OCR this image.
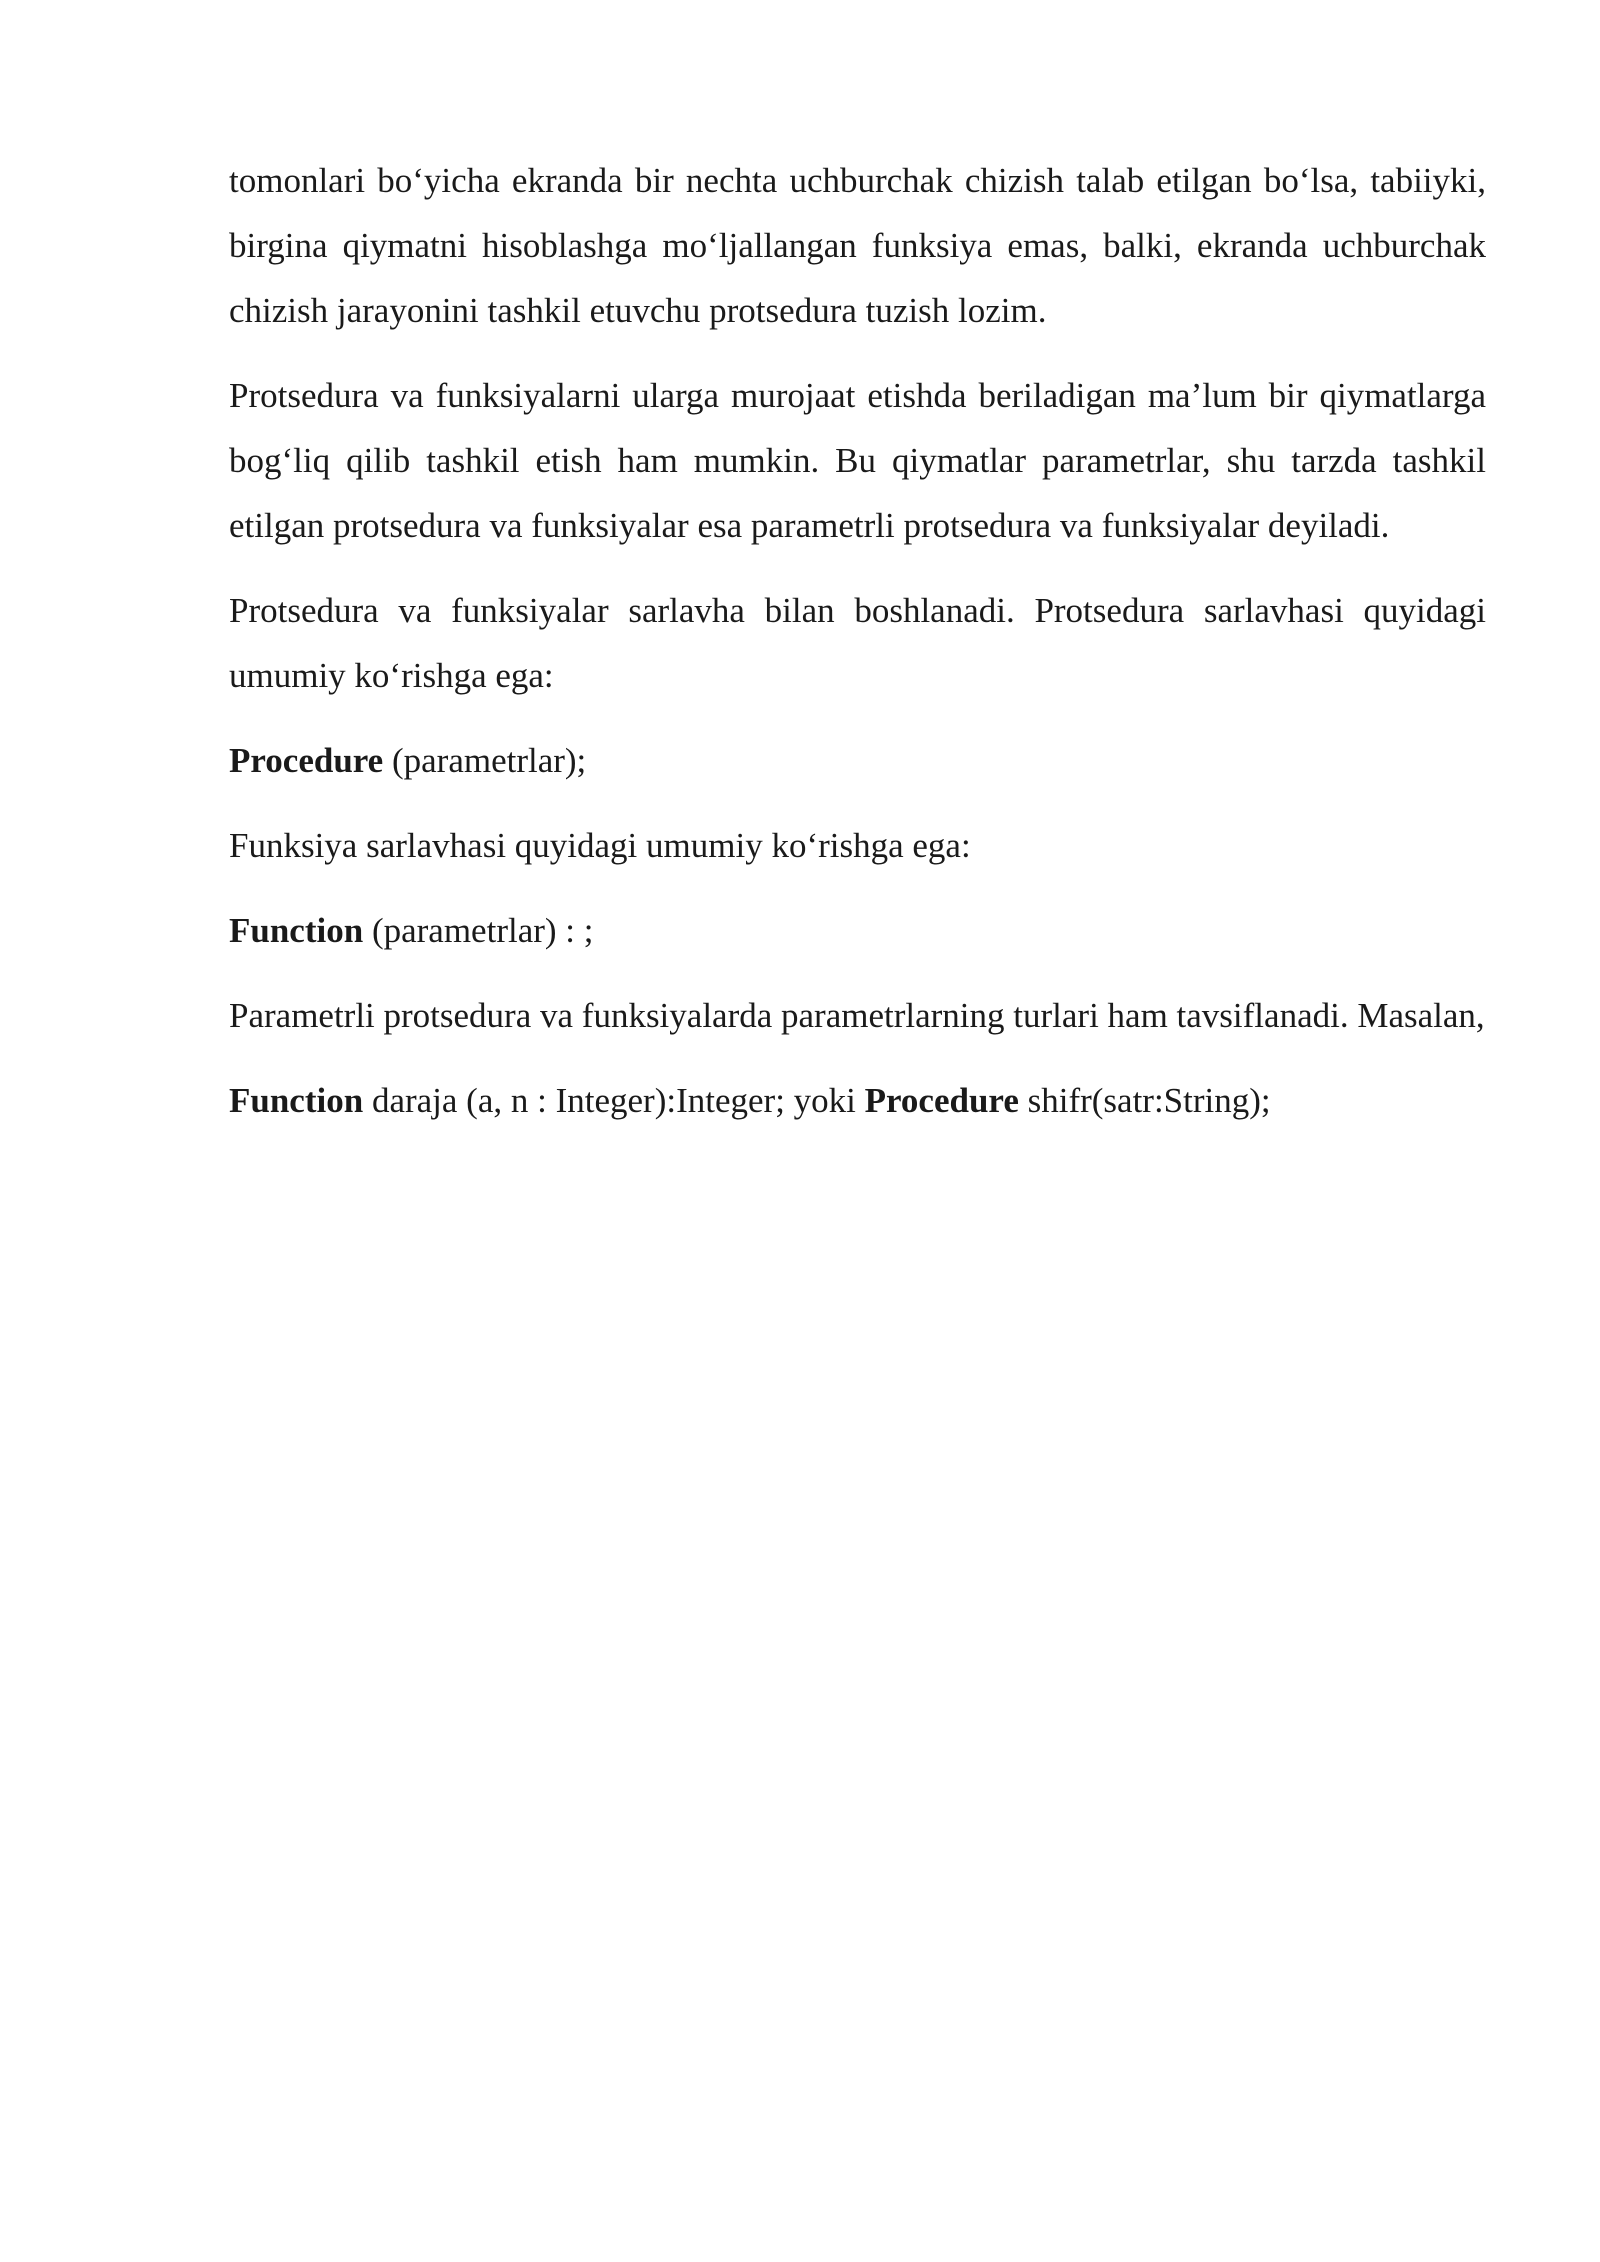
tomonlari bo‘yicha ekranda bir nechta uchburchak chizish talab etilgan bo‘lsa, tabiiyki, birgina qiymatni hisoblashga mo‘ljallangan funksiya emas, balki, ekranda uchburchak chizish jarayonini tashkil etuvchu protsedura tuzish lozim.

Protsedura va funksiyalarni ularga murojaat etishda beriladigan ma’lum bir qiymatlarga bog‘liq qilib tashkil etish ham mumkin. Bu qiymatlar parametrlar, shu tarzda tashkil etilgan protsedura va funksiyalar esa parametrli protsedura va funksiyalar deyiladi.

Protsedura va funksiyalar sarlavha bilan boshlanadi. Protsedura sarlavhasi quyidagi umumiy ko‘rishga ega:

Procedure (parametrlar);

Funksiya sarlavhasi quyidagi umumiy ko‘rishga ega:

Function (parametrlar) : ;

Parametrli protsedura va funksiyalarda parametrlarning turlari ham tavsiflanadi. Masalan,

Function daraja (a, n : Integer):Integer; yoki Procedure shifr(satr:String);
